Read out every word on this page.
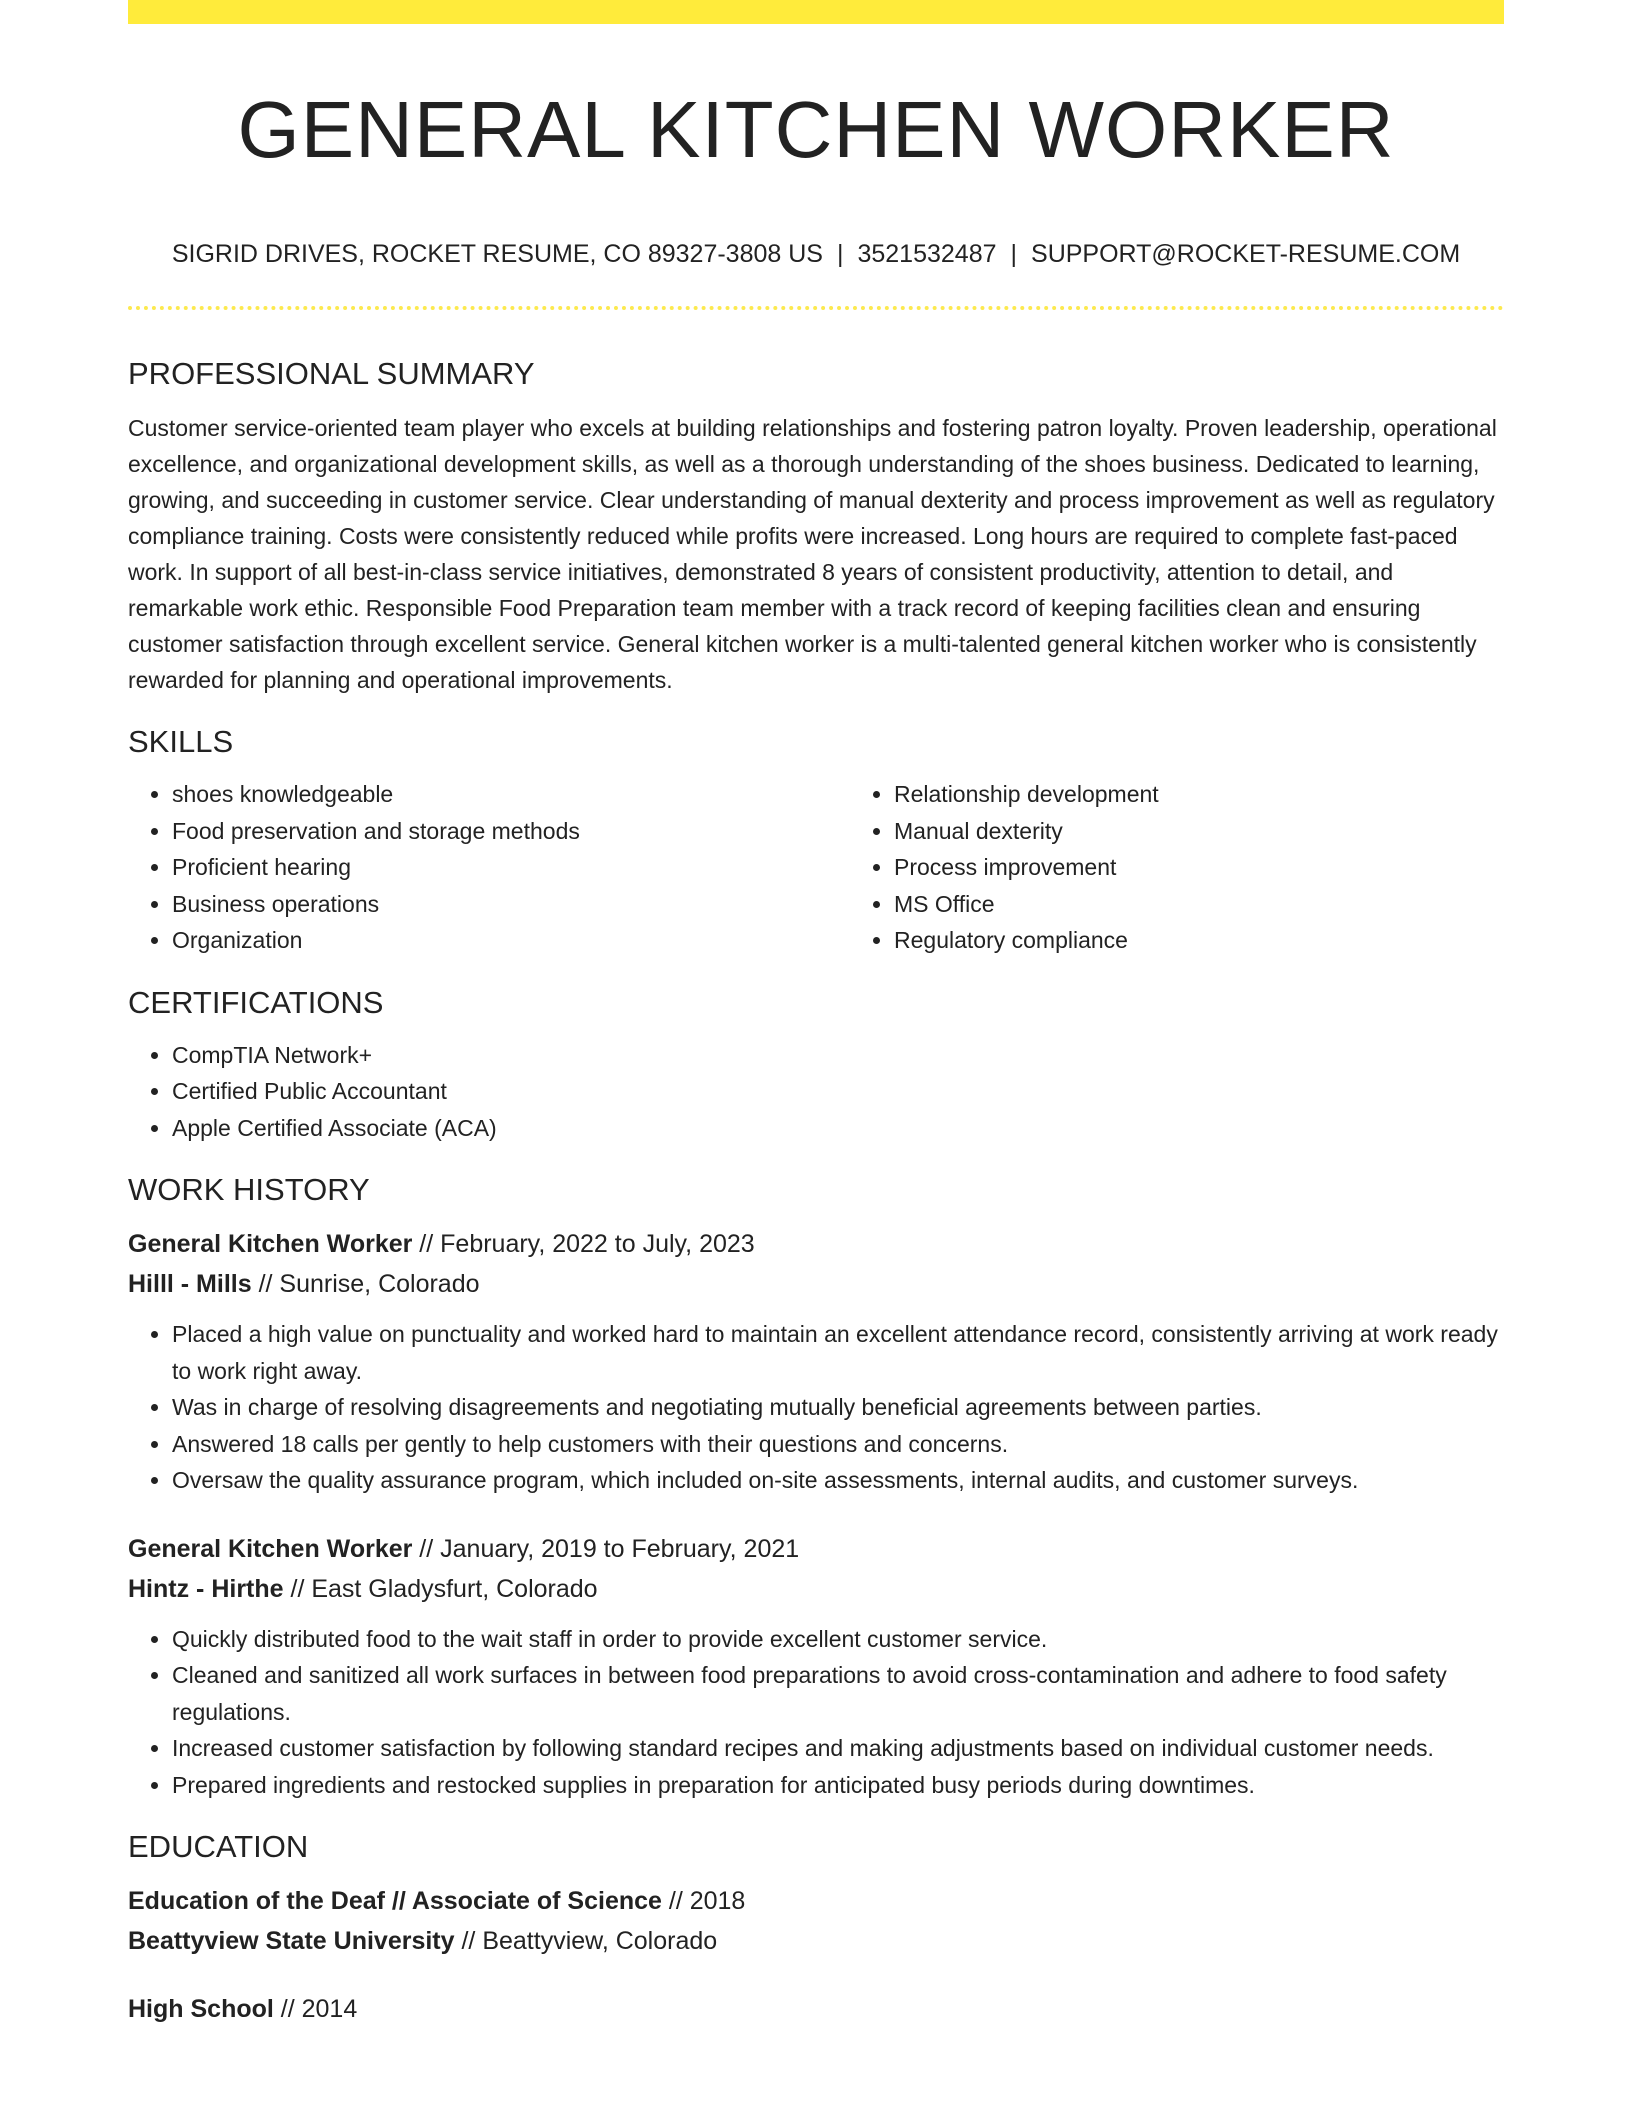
GENERAL KITCHEN WORKER
SIGRID DRIVES, ROCKET RESUME, CO 89327-3808 US | 3521532487 | SUPPORT@ROCKET-RESUME.COM
PROFESSIONAL SUMMARY

Customer service-oriented team player who excels at building relationships and fostering patron loyalty. Proven leadership, operational excellence, and organizational development skills, as well as a thorough understanding of the shoes business. Dedicated to learning, growing, and succeeding in customer service. Clear understanding of manual dexterity and process improvement as well as regulatory compliance training. Costs were consistently reduced while profits were increased. Long hours are required to complete fast-paced work. In support of all best-in-class service initiatives, demonstrated 8 years of consistent productivity, attention to detail, and remarkable work ethic. Responsible Food Preparation team member with a track record of keeping facilities clean and ensuring customer satisfaction through excellent service. General kitchen worker is a multi-talented general kitchen worker who is consistently rewarded for planning and operational improvements.

SKILLS
• shoes knowledgeable
• Food preservation and storage methods
• Proficient hearing
• Business operations
• Organization
• Relationship development
• Manual dexterity
• Process improvement
• MS Office
• Regulatory compliance
CERTIFICATIONS
• CompTIA Network+
• Certified Public Accountant
• Apple Certified Associate (ACA)
WORK HISTORY
General Kitchen Worker // February, 2022 to July, 2023
Hilll - Mills // Sunrise, Colorado
• Placed a high value on punctuality and worked hard to maintain an excellent attendance record, consistently arriving at work ready to work right away.
• Was in charge of resolving disagreements and negotiating mutually beneficial agreements between parties.
• Answered 18 calls per gently to help customers with their questions and concerns.
• Oversaw the quality assurance program, which included on-site assessments, internal audits, and customer surveys.
General Kitchen Worker // January, 2019 to February, 2021
Hintz - Hirthe // East Gladysfurt, Colorado
• Quickly distributed food to the wait staff in order to provide excellent customer service.
• Cleaned and sanitized all work surfaces in between food preparations to avoid cross-contamination and adhere to food safety regulations.
• Increased customer satisfaction by following standard recipes and making adjustments based on individual customer needs.
• Prepared ingredients and restocked supplies in preparation for anticipated busy periods during downtimes.
EDUCATION
Education of the Deaf // Associate of Science // 2018
Beattyview State University // Beattyview, Colorado
High School // 2014
